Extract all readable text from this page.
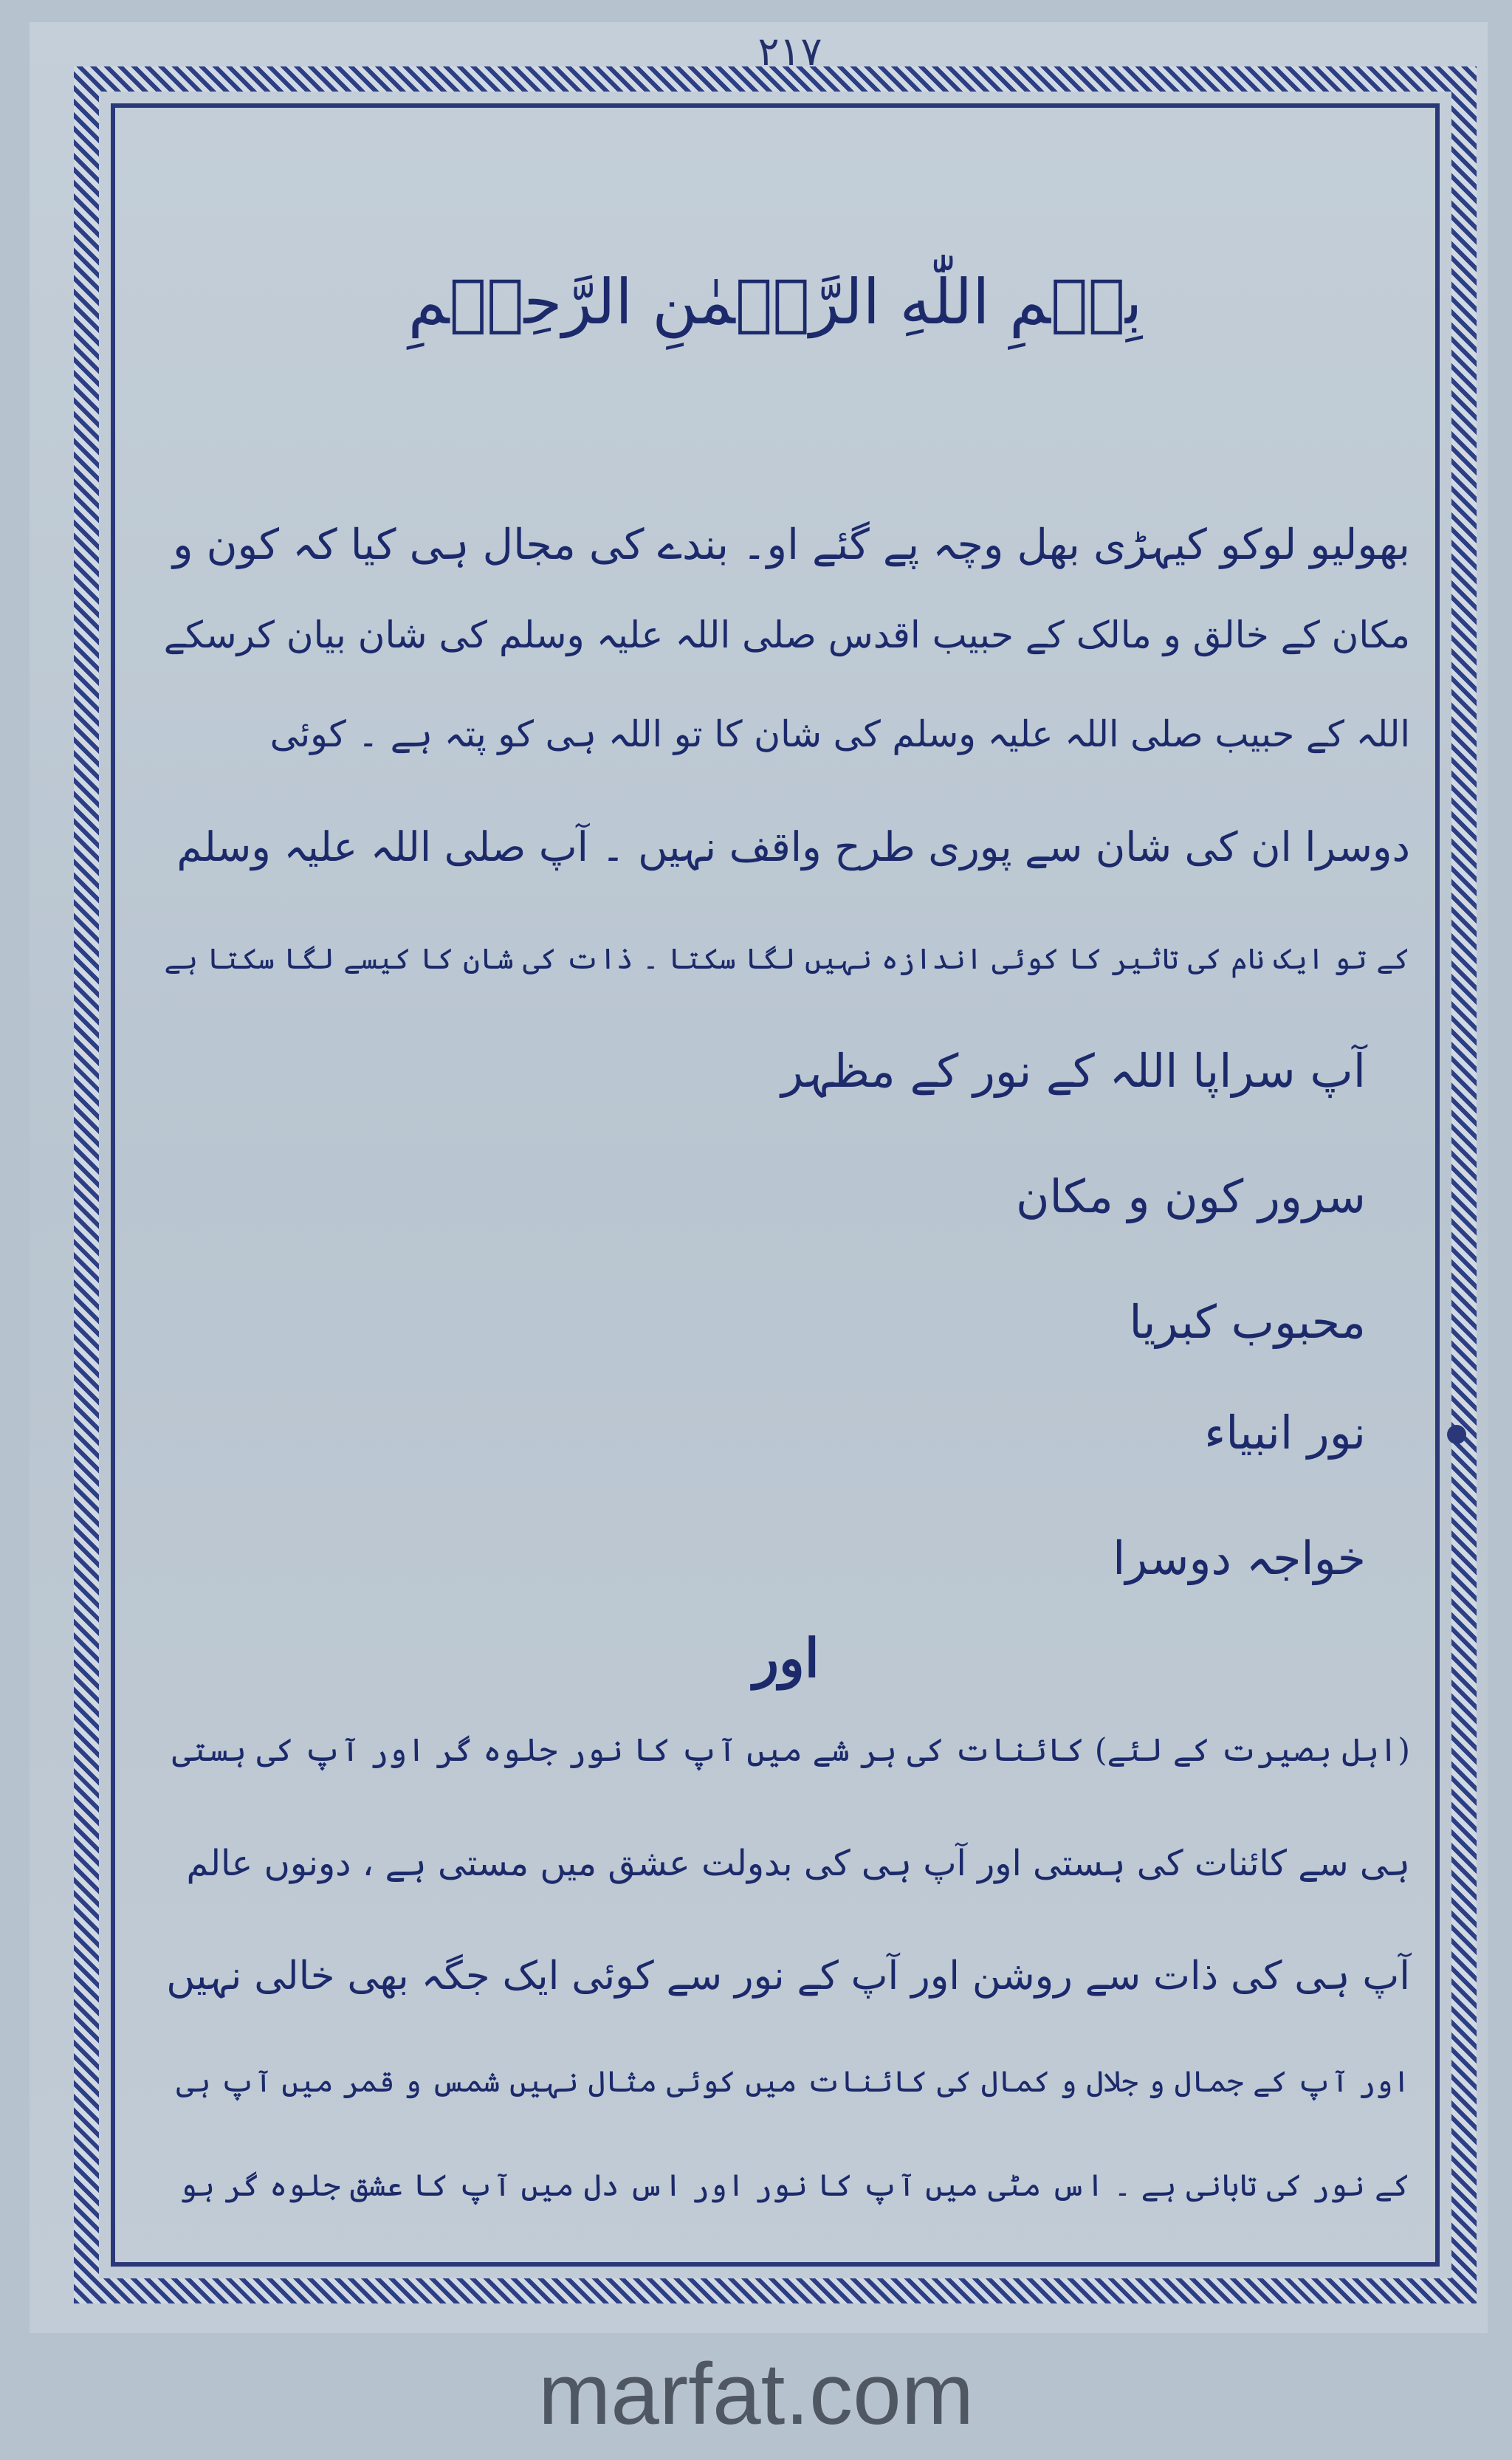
٢١٧
بِسۡمِ اللّٰهِ الرَّحۡمٰنِ الرَّحِيۡمِ
بھولیو لوکو کیہڑی بھل وچہ پے گئے او۔ بندے کی مجال ہی کیا کہ کون و
مکان کے خالق و مالک کے حبیب اقدس صلی اللہ علیہ وسلم کی شان بیان کرسکے
اللہ کے حبیب صلی اللہ علیہ وسلم کی شان کا تو اللہ ہی کو پتہ ہے ۔ کوئی
دوسرا ان کی شان سے پوری طرح واقف نہیں ۔ آپ صلی اللہ علیہ وسلم
کے تو ایک نام کی تاثیر کا کوئی اندازہ نہیں لگا سکتا ۔ ذات کی شان کا کیسے لگا سکتا ہے
آپ سراپا اللہ کے نور کے مظہر
سرور کون و مکان
محبوب کبریا
نور انبیاء
خواجہ دوسرا
اور
(اہل بصیرت کے لئے) کائنات کی ہر شے میں آپ کا نور جلوہ گر اور آپ کی ہستی
ہی سے کائنات کی ہستی اور آپ ہی کی بدولت عشق میں مستی ہے ، دونوں عالم
آپ ہی کی ذات سے روشن اور آپ کے نور سے کوئی ایک جگہ بھی خالی نہیں
اور آپ کے جمال و جلال و کمال کی کائنات میں کوئی مثال نہیں شمس و قمر میں آپ ہی
کے نور کی تابانی ہے ۔ اس مٹی میں آپ کا نور اور اس دل میں آپ کا عشق جلوہ گر ہو
marfat.com
